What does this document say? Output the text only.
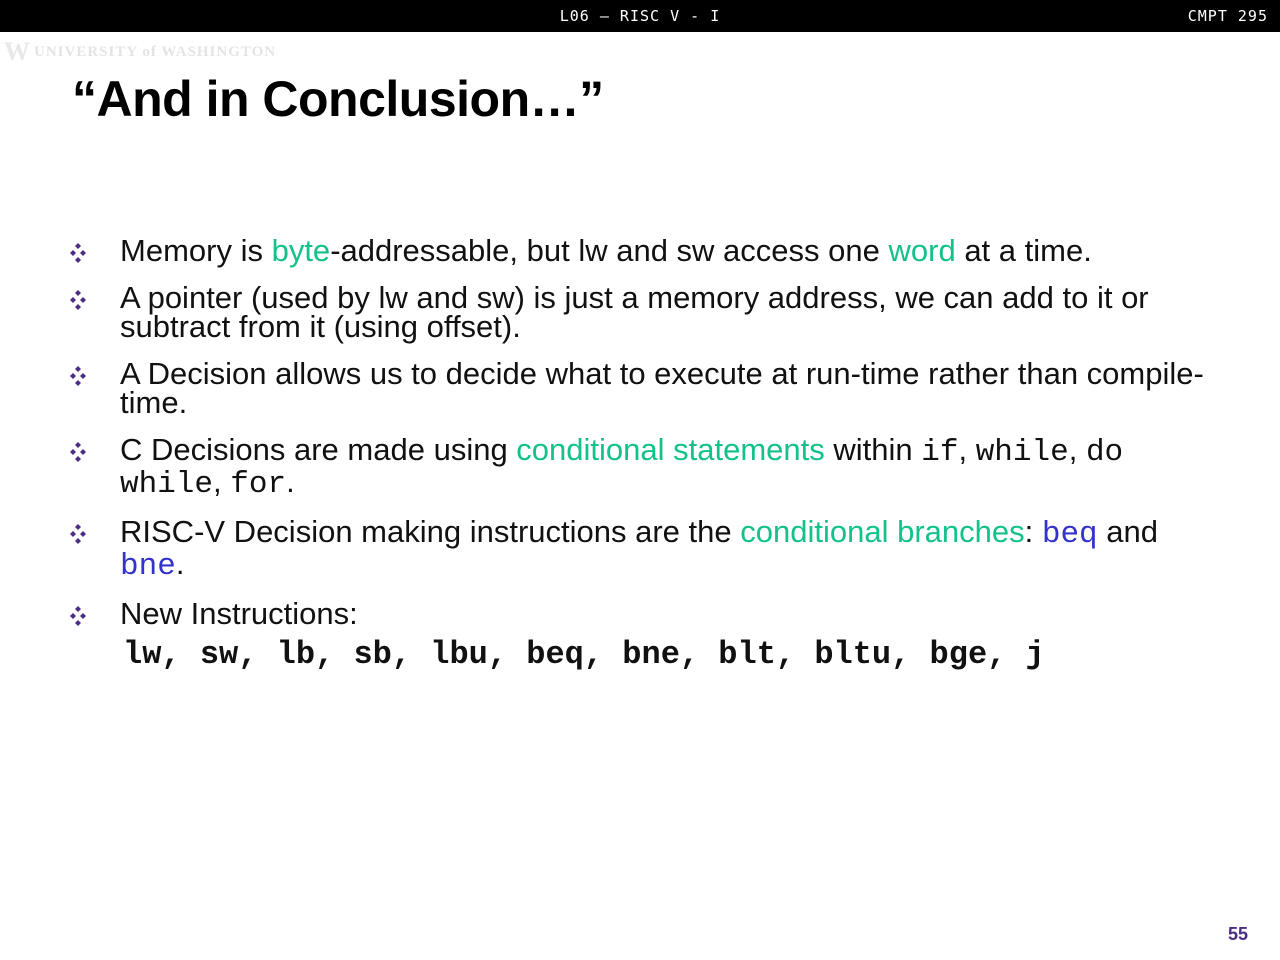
L06 – RISC V - I	CMPT 295
W UNIVERSITY of WASHINGTON
“And in Conclusion…”
Memory is byte-addressable, but lw and sw access one word at a time.
A pointer (used by lw and sw) is just a memory address, we can add to it or subtract from it (using offset).
A Decision allows us to decide what to execute at run-time rather than compile-time.
C Decisions are made using conditional statements within if, while, do while, for.
RISC-V Decision making instructions are the conditional branches: beq and bne.
New Instructions:
lw, sw, lb, sb, lbu, beq, bne, blt, bltu, bge, j
55
